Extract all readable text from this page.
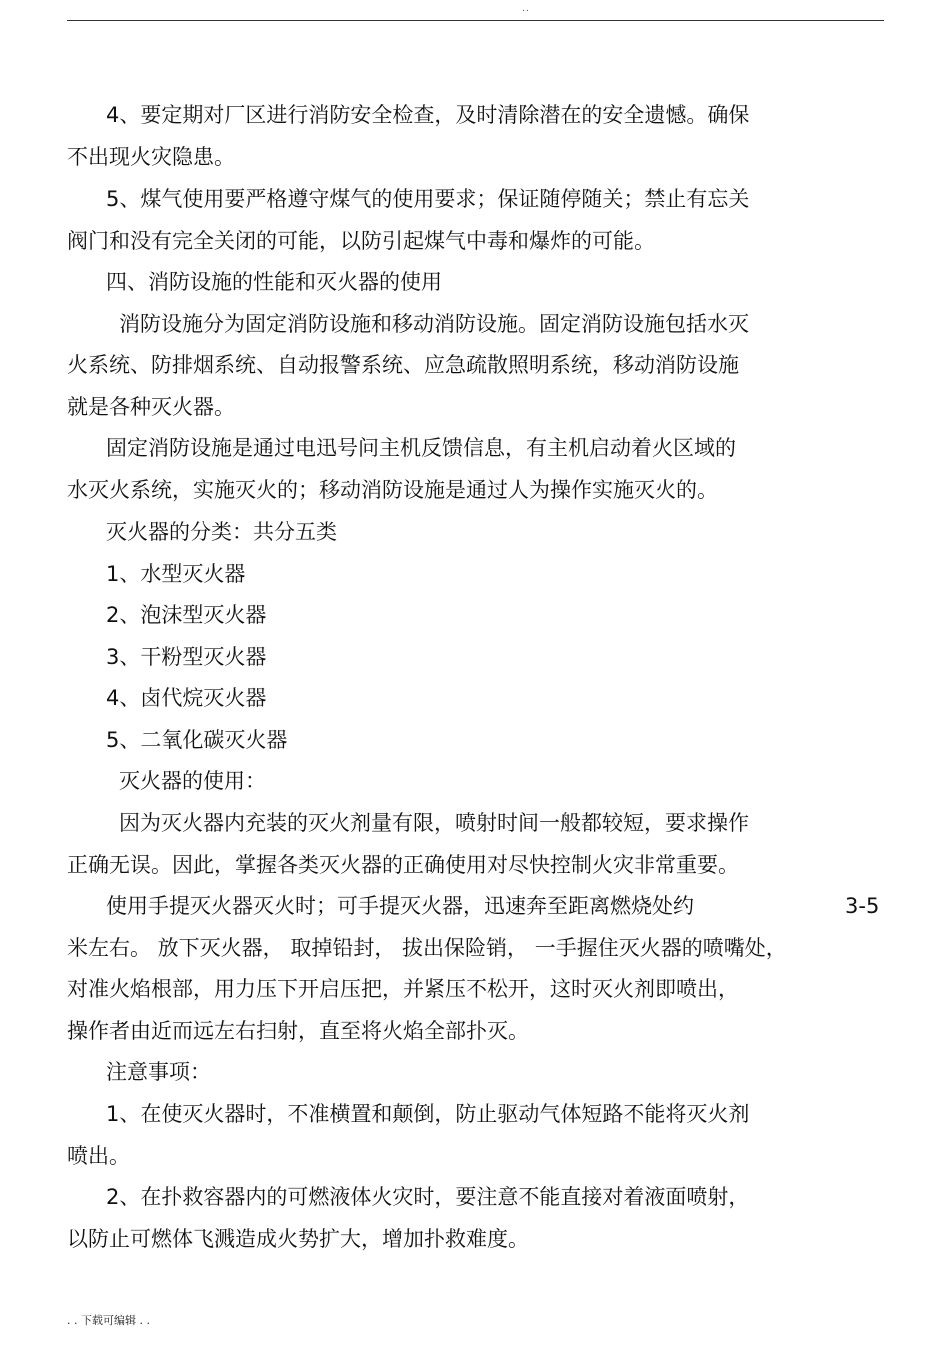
..
4、要定期对厂区进行消防安全检查，及时清除潜在的安全遗憾。确保
不出现火灾隐患。
5、煤气使用要严格遵守煤气的使用要求；保证随停随关；禁止有忘关
阀门和没有完全关闭的可能，以防引起煤气中毒和爆炸的可能。
四、消防设施的性能和灭火器的使用
消防设施分为固定消防设施和移动消防设施。固定消防设施包括水灭
火系统、防排烟系统、自动报警系统、应急疏散照明系统，移动消防设施
就是各种灭火器。
固定消防设施是通过电迅号问主机反馈信息，有主机启动着火区域的
水灭火系统，实施灭火的；移动消防设施是通过人为操作实施灭火的。
灭火器的分类：共分五类
1、水型灭火器
2、泡沫型灭火器
3、干粉型灭火器
4、卤代烷灭火器
5、二氧化碳灭火器
灭火器的使用：
因为灭火器内充装的灭火剂量有限，喷射时间一般都较短，要求操作
正确无误。因此，掌握各类灭火器的正确使用对尽快控制火灾非常重要。
使用手提灭火器灭火时；可手提灭火器，迅速奔至距离燃烧处约	3-5
米左右。 放下灭火器， 取掉铅封， 拔出保险销， 一手握住灭火器的喷嘴处，
对准火焰根部，用力压下开启压把，并紧压不松开，这时灭火剂即喷出，
操作者由近而远左右扫射，直至将火焰全部扑灭。
注意事项：
1、在使灭火器时，不准横置和颠倒，防止驱动气体短路不能将灭火剂
喷出。
2、在扑救容器内的可燃液体火灾时，要注意不能直接对着液面喷射，
以防止可燃体飞溅造成火势扩大，增加扑救难度。
. . 下载可编辑 . .
